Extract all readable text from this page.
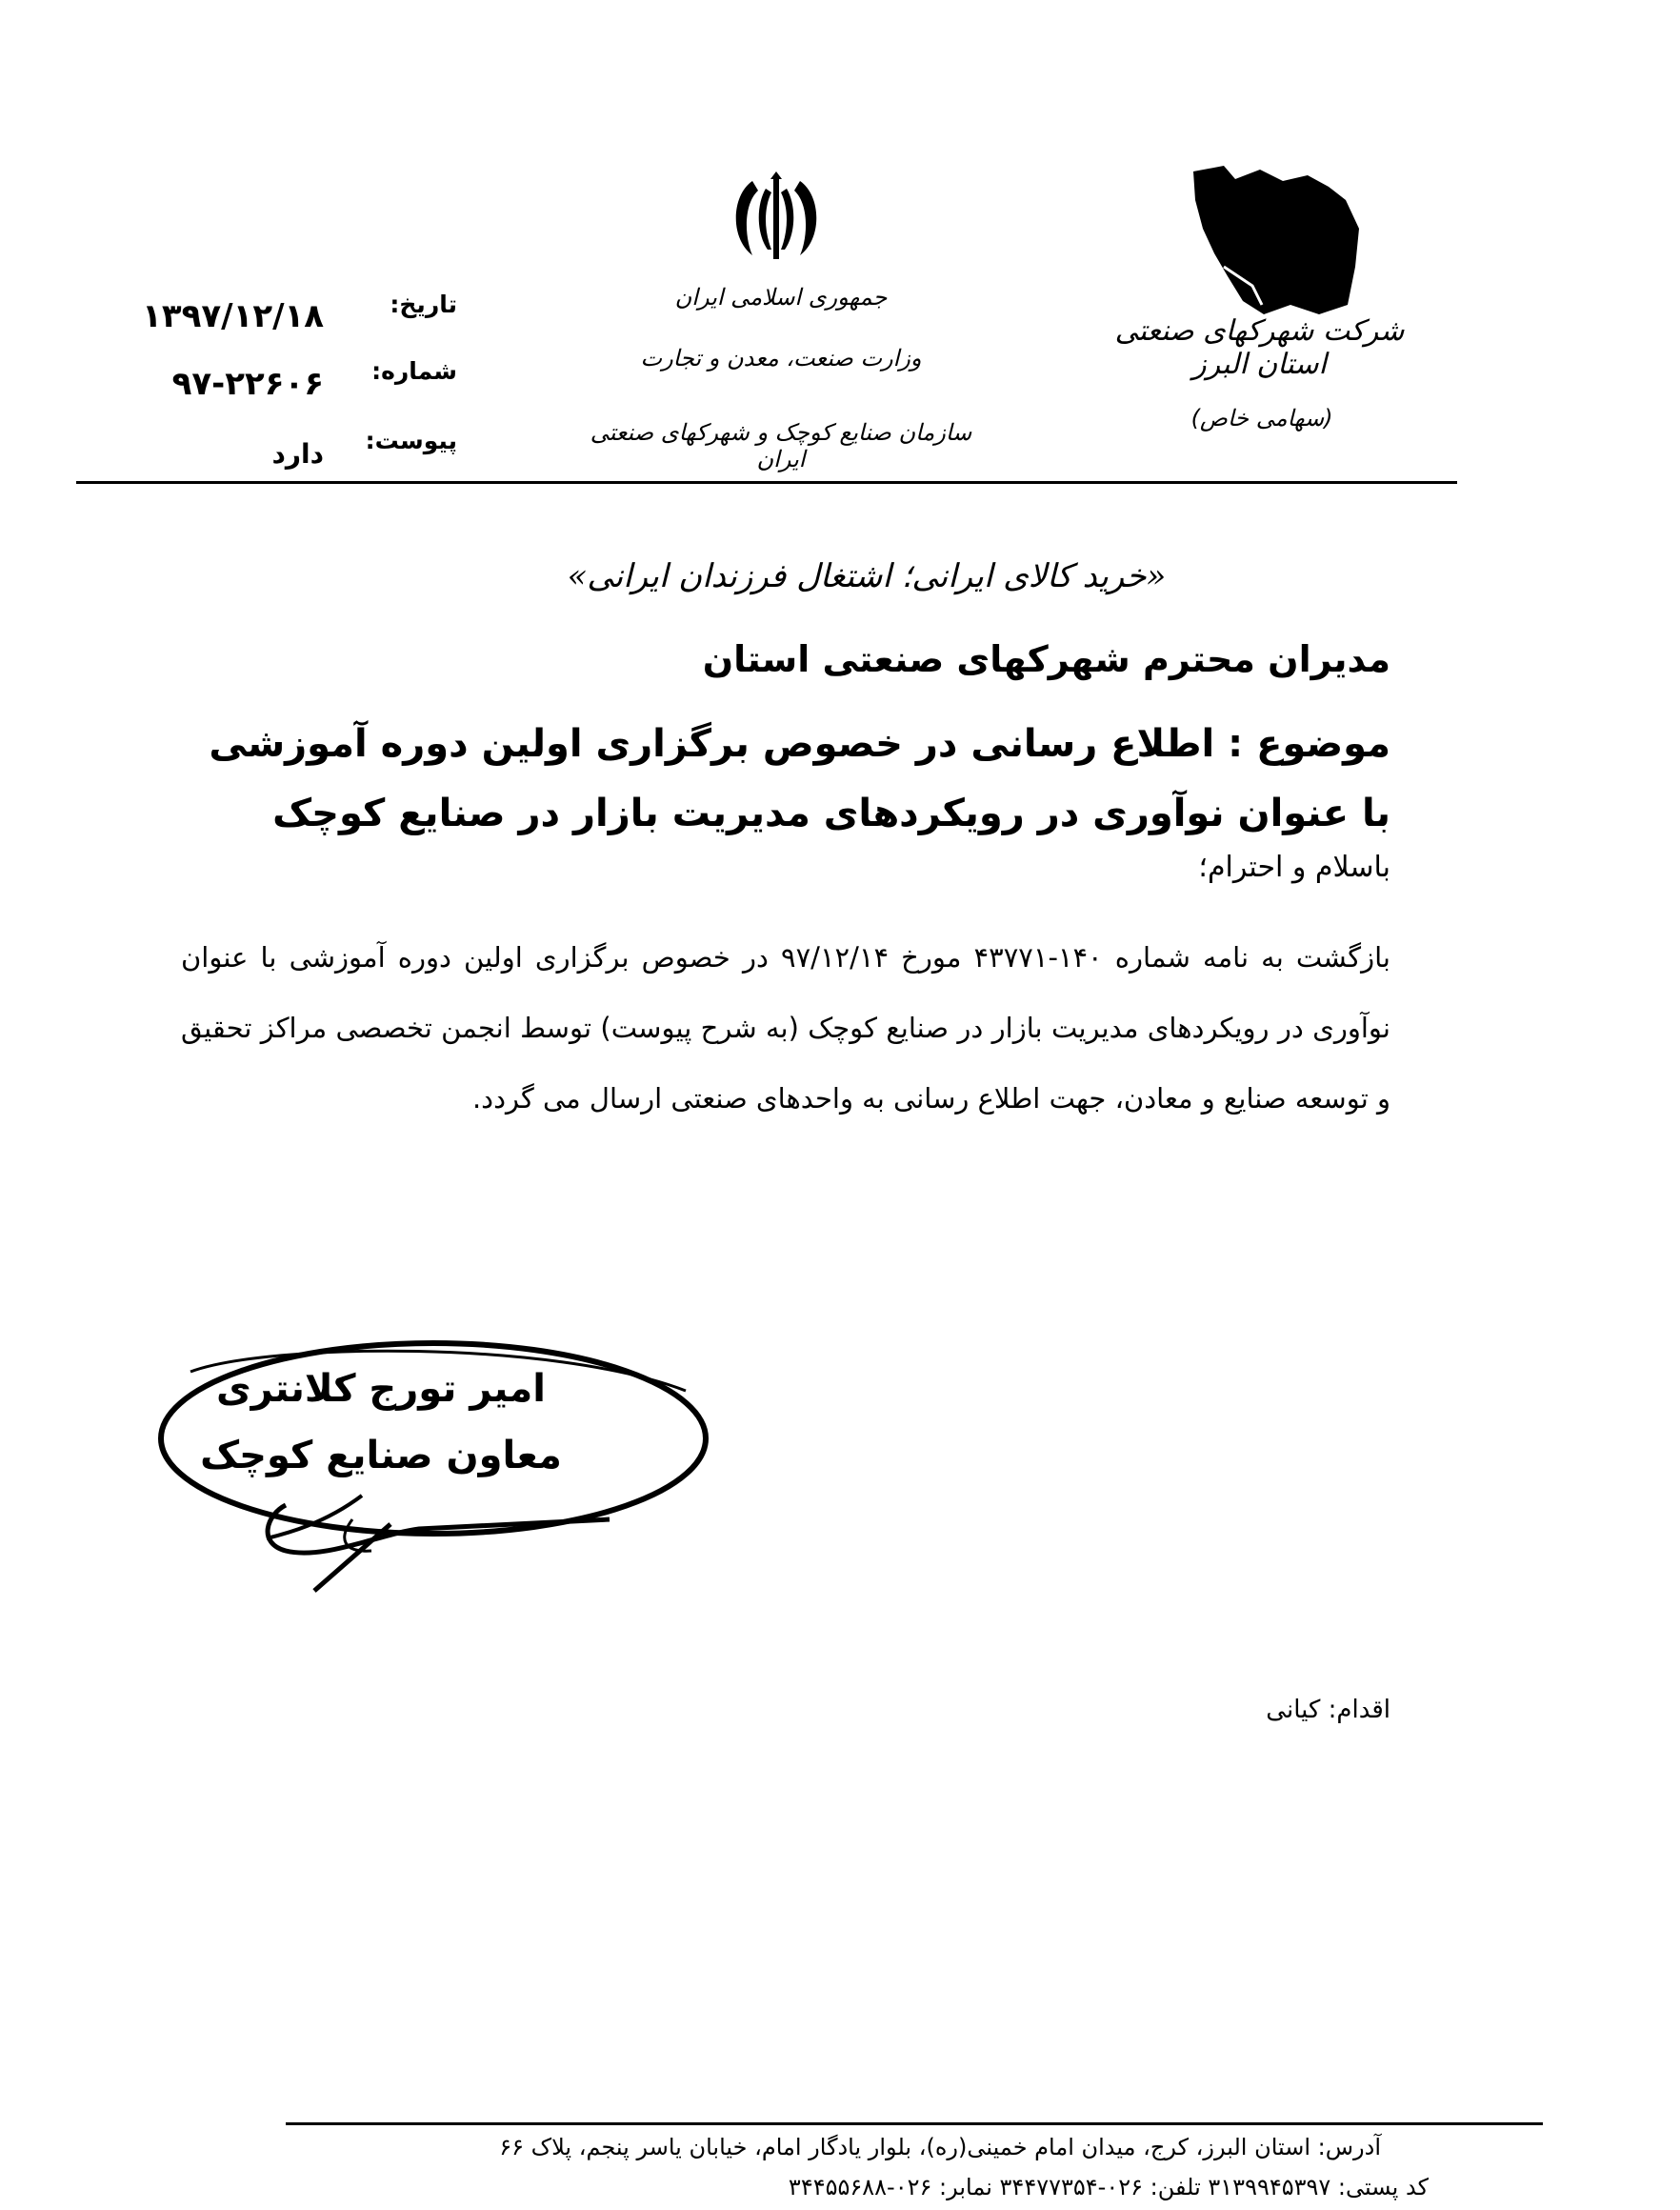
شرکت شهرکهای صنعتی استان البرز
(سهامی خاص)
جمهوری اسلامی ایران
وزارت صنعت، معدن و تجارت
سازمان صنایع کوچک و شهرکهای صنعتی ایران
تاریخ:
۱۳۹۷/۱۲/۱۸
شماره:
۹۷-۲۲۶۰۶
پیوست:
دارد
«خرید کالای ایرانی؛ اشتغال فرزندان ایرانی»
مدیران محترم شهرکهای صنعتی استان
موضوع : اطلاع رسانی در خصوص برگزاری اولین دوره آموزشی با عنوان نوآوری در رویکردهای مدیریت بازار در صنایع کوچک
باسلام و احترام؛
بازگشت به نامه شماره ۱۴۰-۴۳۷۷۱ مورخ ۹۷/۱۲/۱۴ در خصوص برگزاری اولین دوره آموزشی با عنوان نوآوری در رویکردهای مدیریت بازار در صنایع کوچک (به شرح پیوست) توسط انجمن تخصصی مراکز تحقیق و توسعه صنایع و معادن، جهت اطلاع رسانی به واحدهای صنعتی ارسال می گردد.
امیر تورج کلانتری
معاون صنایع کوچک
اقدام: کیانی
آدرس: استان البرز، کرج، میدان امام خمینی(ره)، بلوار یادگار امام، خیابان یاسر پنجم، پلاک ۶۶
کد پستی: ۳۱۳۹۹۴۵۳۹۷ تلفن: ۰۲۶-۳۴۴۷۷۳۵۴ نمابر: ۰۲۶-۳۴۴۵۵۶۸۸
